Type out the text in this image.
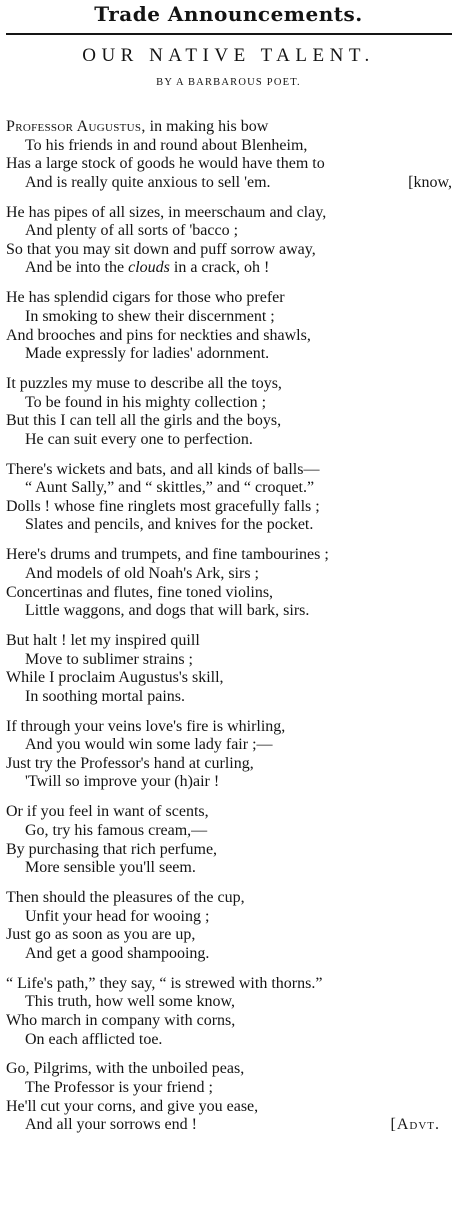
Trade Announcements.
OUR NATIVE TALENT.
BY A BARBAROUS POET.
Professor Augustus, in making his bow
To his friends in and round about Blenheim,
Has a large stock of goods he would have them to
And is really quite anxious to sell 'em.	[know,
He has pipes of all sizes, in meerschaum and clay,
And plenty of all sorts of 'bacco ;
So that you may sit down and puff sorrow away,
And be into the clouds in a crack, oh !
He has splendid cigars for those who prefer
In smoking to shew their discernment ;
And brooches and pins for neckties and shawls,
Made expressly for ladies' adornment.
It puzzles my muse to describe all the toys,
To be found in his mighty collection ;
But this I can tell all the girls and the boys,
He can suit every one to perfection.
There's wickets and bats, and all kinds of balls—
“ Aunt Sally,” and “ skittles,” and “ croquet.”
Dolls ! whose fine ringlets most gracefully falls ;
Slates and pencils, and knives for the pocket.
Here's drums and trumpets, and fine tambourines ;
And models of old Noah's Ark, sirs ;
Concertinas and flutes, fine toned violins,
Little waggons, and dogs that will bark, sirs.
But halt ! let my inspired quill
Move to sublimer strains ;
While I proclaim Augustus's skill,
In soothing mortal pains.
If through your veins love's fire is whirling,
And you would win some lady fair ;—
Just try the Professor's hand at curling,
'Twill so improve your (h)air !
Or if you feel in want of scents,
Go, try his famous cream,—
By purchasing that rich perfume,
More sensible you'll seem.
Then should the pleasures of the cup,
Unfit your head for wooing ;
Just go as soon as you are up,
And get a good shampooing.
“ Life's path,” they say, “ is strewed with thorns.”
This truth, how well some know,
Who march in company with corns,
On each afflicted toe.
Go, Pilgrims, with the unboiled peas,
The Professor is your friend ;
He'll cut your corns, and give you ease,
And all your sorrows end !	[Advt.
